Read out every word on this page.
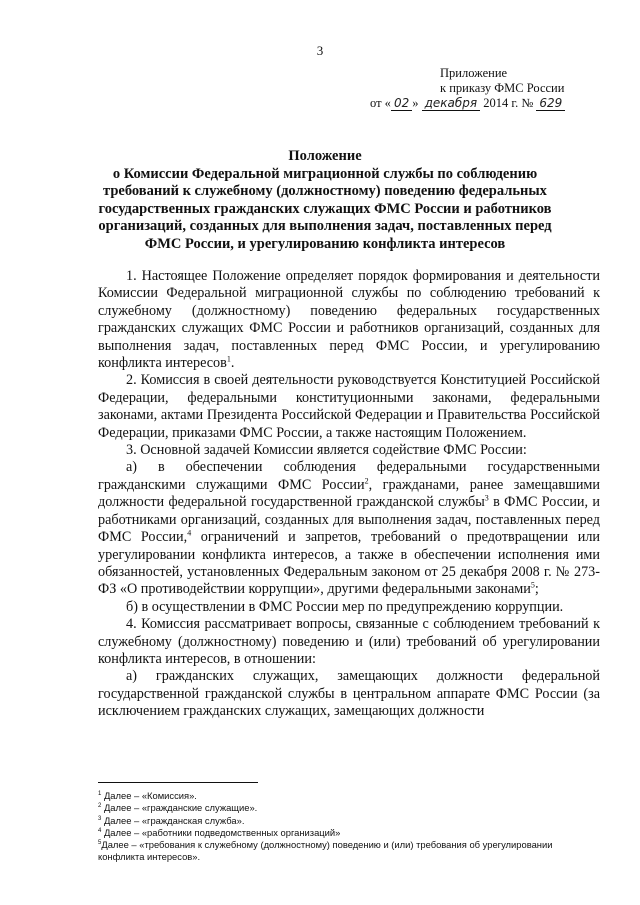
3
Приложение
к приказу ФМС России
от « 02 » декабря 2014 г. № 629
Положение
о Комиссии Федеральной миграционной службы по соблюдению
требований к служебному (должностному) поведению федеральных
государственных гражданских служащих ФМС России и работников
организаций, созданных для выполнения задач, поставленных перед
ФМС России, и урегулированию конфликта интересов

1. Настоящее Положение определяет порядок формирования и деятельности Комиссии Федеральной миграционной службы по соблюдению требований к служебному (должностному) поведению федеральных государственных гражданских служащих ФМС России и работников организаций, созданных для выполнения задач, поставленных перед ФМС России, и урегулированию конфликта интересов$^1$.

2. Комиссия в своей деятельности руководствуется Конституцией Российской Федерации, федеральными конституционными законами, федеральными законами, актами Президента Российской Федерации и Правительства Российской Федерации, приказами ФМС России, а также настоящим Положением.

3. Основной задачей Комиссии является содействие ФМС России:

а) в обеспечении соблюдения федеральными государственными гражданскими служащими ФМС России$^2$, гражданами, ранее замещавшими должности федеральной государственной гражданской службы$^3$ в ФМС России, и работниками организаций, созданных для выполнения задач, поставленных перед ФМС России,$^4$ ограничений и запретов, требований о предотвращении или урегулировании конфликта интересов, а также в обеспечении исполнения ими обязанностей, установленных Федеральным законом от 25 декабря 2008 г. № 273-ФЗ «О противодействии коррупции», другими федеральными законами$^5$;

б) в осуществлении в ФМС России мер по предупреждению коррупции.

4. Комиссия рассматривает вопросы, связанные с соблюдением требований к служебному (должностному) поведению и (или) требований об урегулировании конфликта интересов, в отношении:

а) гражданских служащих, замещающих должности федеральной государственной гражданской службы в центральном аппарате ФМС России (за исключением гражданских служащих, замещающих должности

$^1$ Далее – «Комиссия».
$^2$ Далее – «гражданские служащие».
$^3$ Далее – «гражданская служба».
$^4$ Далее – «работники подведомственных организаций»
$^5$Далее – «требования к служебному (должностному) поведению и (или) требования об урегулировании конфликта интересов».
